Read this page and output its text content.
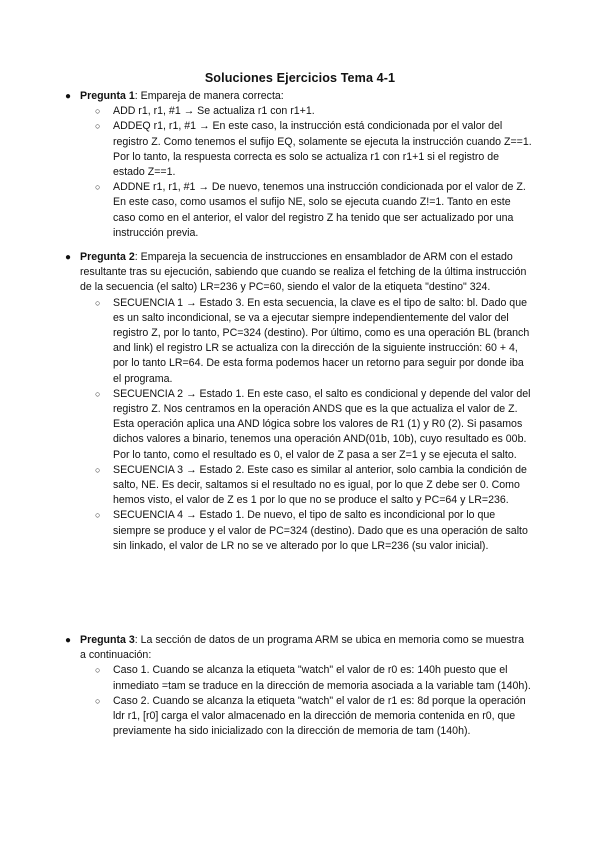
Soluciones Ejercicios Tema 4-1
● Pregunta 1: Empareja de manera correcta:
○ ADD r1, r1, #1 → Se actualiza r1 con r1+1.
○ ADDEQ r1, r1, #1 → En este caso, la instrucción está condicionada por el valor del registro Z. Como tenemos el sufijo EQ, solamente se ejecuta la instrucción cuando Z==1. Por lo tanto, la respuesta correcta es solo se actualiza r1 con r1+1 si el registro de estado Z==1.
○ ADDNE r1, r1, #1 → De nuevo, tenemos una instrucción condicionada por el valor de Z. En este caso, como usamos el sufijo NE, solo se ejecuta cuando Z!=1. Tanto en este caso como en el anterior, el valor del registro Z ha tenido que ser actualizado por una instrucción previa.
● Pregunta 2: Empareja la secuencia de instrucciones en ensamblador de ARM con el estado resultante tras su ejecución, sabiendo que cuando se realiza el fetching de la última instrucción de la secuencia (el salto) LR=236 y PC=60, siendo el valor de la etiqueta "destino" 324.
○ SECUENCIA 1 → Estado 3. En esta secuencia, la clave es el tipo de salto: bl. Dado que es un salto incondicional, se va a ejecutar siempre independientemente del valor del registro Z, por lo tanto, PC=324 (destino). Por último, como es una operación BL (branch and link) el registro LR se actualiza con la dirección de la siguiente instrucción: 60 + 4, por lo tanto LR=64. De esta forma podemos hacer un retorno para seguir por donde iba el programa.
○ SECUENCIA 2 → Estado 1. En este caso, el salto es condicional y depende del valor del registro Z. Nos centramos en la operación ANDS que es la que actualiza el valor de Z. Esta operación aplica una AND lógica sobre los valores de R1 (1) y R0 (2). Si pasamos dichos valores a binario, tenemos una operación AND(01b, 10b), cuyo resultado es 00b. Por lo tanto, como el resultado es 0, el valor de Z pasa a ser Z=1 y se ejecuta el salto.
○ SECUENCIA 3 → Estado 2. Este caso es similar al anterior, solo cambia la condición de salto, NE. Es decir, saltamos si el resultado no es igual, por lo que Z debe ser 0. Como hemos visto, el valor de Z es 1 por lo que no se produce el salto y PC=64 y LR=236.
○ SECUENCIA 4 → Estado 1. De nuevo, el tipo de salto es incondicional por lo que siempre se produce y el valor de PC=324 (destino). Dado que es una operación de salto sin linkado, el valor de LR no se ve alterado por lo que LR=236 (su valor inicial).
● Pregunta 3: La sección de datos de un programa ARM se ubica en memoria como se muestra a continuación:
○ Caso 1. Cuando se alcanza la etiqueta "watch" el valor de r0 es: 140h puesto que el inmediato =tam se traduce en la dirección de memoria asociada a la variable tam (140h).
○ Caso 2. Cuando se alcanza la etiqueta "watch" el valor de r1 es: 8d porque la operación ldr r1, [r0] carga el valor almacenado en la dirección de memoria contenida en r0, que previamente ha sido inicializado con la dirección de memoria de tam (140h).
